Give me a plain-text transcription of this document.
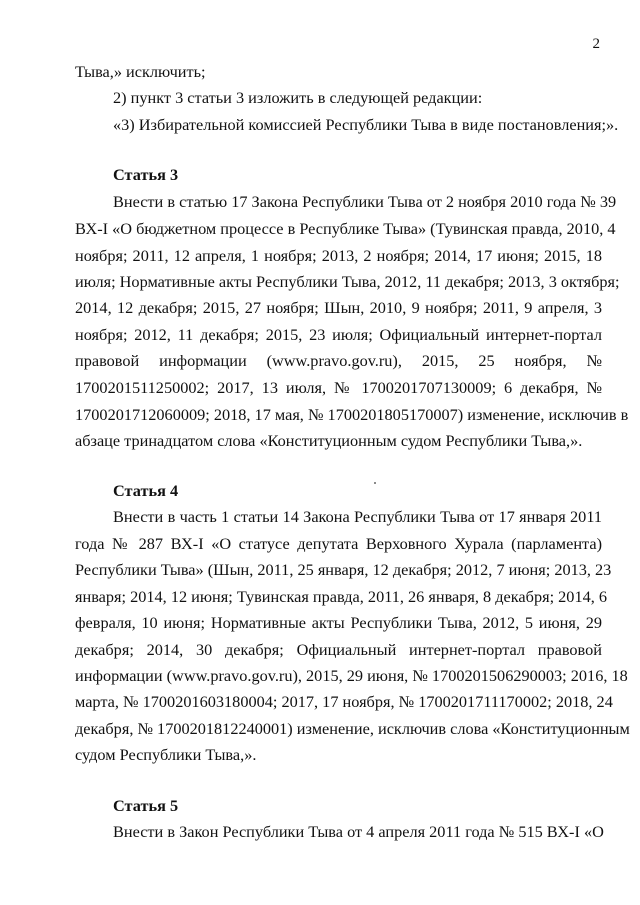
2
Тыва,» исключить;
2) пункт 3 статьи 3 изложить в следующей редакции:
«3) Избирательной комиссией Республики Тыва в виде постановления;».
Статья 3
Внести в статью 17 Закона Республики Тыва от 2 ноября 2010 года № 39
ВХ-I «О бюджетном процессе в Республике Тыва» (Тувинская правда, 2010, 4
ноября; 2011, 12 апреля, 1 ноября; 2013, 2 ноября; 2014, 17 июня; 2015, 18
июля; Нормативные акты Республики Тыва, 2012, 11 декабря; 2013, 3 октября;
2014, 12 декабря; 2015, 27 ноября; Шын, 2010, 9 ноября; 2011, 9 апреля, 3
ноября; 2012, 11 декабря; 2015, 23 июля; Официальный интернет-портал
правовой информации (www.pravo.gov.ru), 2015, 25 ноября, №
1700201511250002; 2017, 13 июля, № 1700201707130009; 6 декабря, №
1700201712060009; 2018, 17 мая, № 1700201805170007) изменение, исключив в
абзаце тринадцатом слова «Конституционным судом Республики Тыва,».
Статья 4
Внести в часть 1 статьи 14 Закона Республики Тыва от 17 января 2011
года № 287 ВХ-I «О статусе депутата Верховного Хурала (парламента)
Республики Тыва» (Шын, 2011, 25 января, 12 декабря; 2012, 7 июня; 2013, 23
января; 2014, 12 июня; Тувинская правда, 2011, 26 января, 8 декабря; 2014, 6
февраля, 10 июня; Нормативные акты Республики Тыва, 2012, 5 июня, 29
декабря; 2014, 30 декабря; Официальный интернет-портал правовой
информации (www.pravo.gov.ru), 2015, 29 июня, № 1700201506290003; 2016, 18
марта, № 1700201603180004; 2017, 17 ноября, № 1700201711170002; 2018, 24
декабря, № 1700201812240001) изменение, исключив слова «Конституционным
судом Республики Тыва,».
Статья 5
Внести в Закон Республики Тыва от 4 апреля 2011 года № 515 ВХ-I «О
